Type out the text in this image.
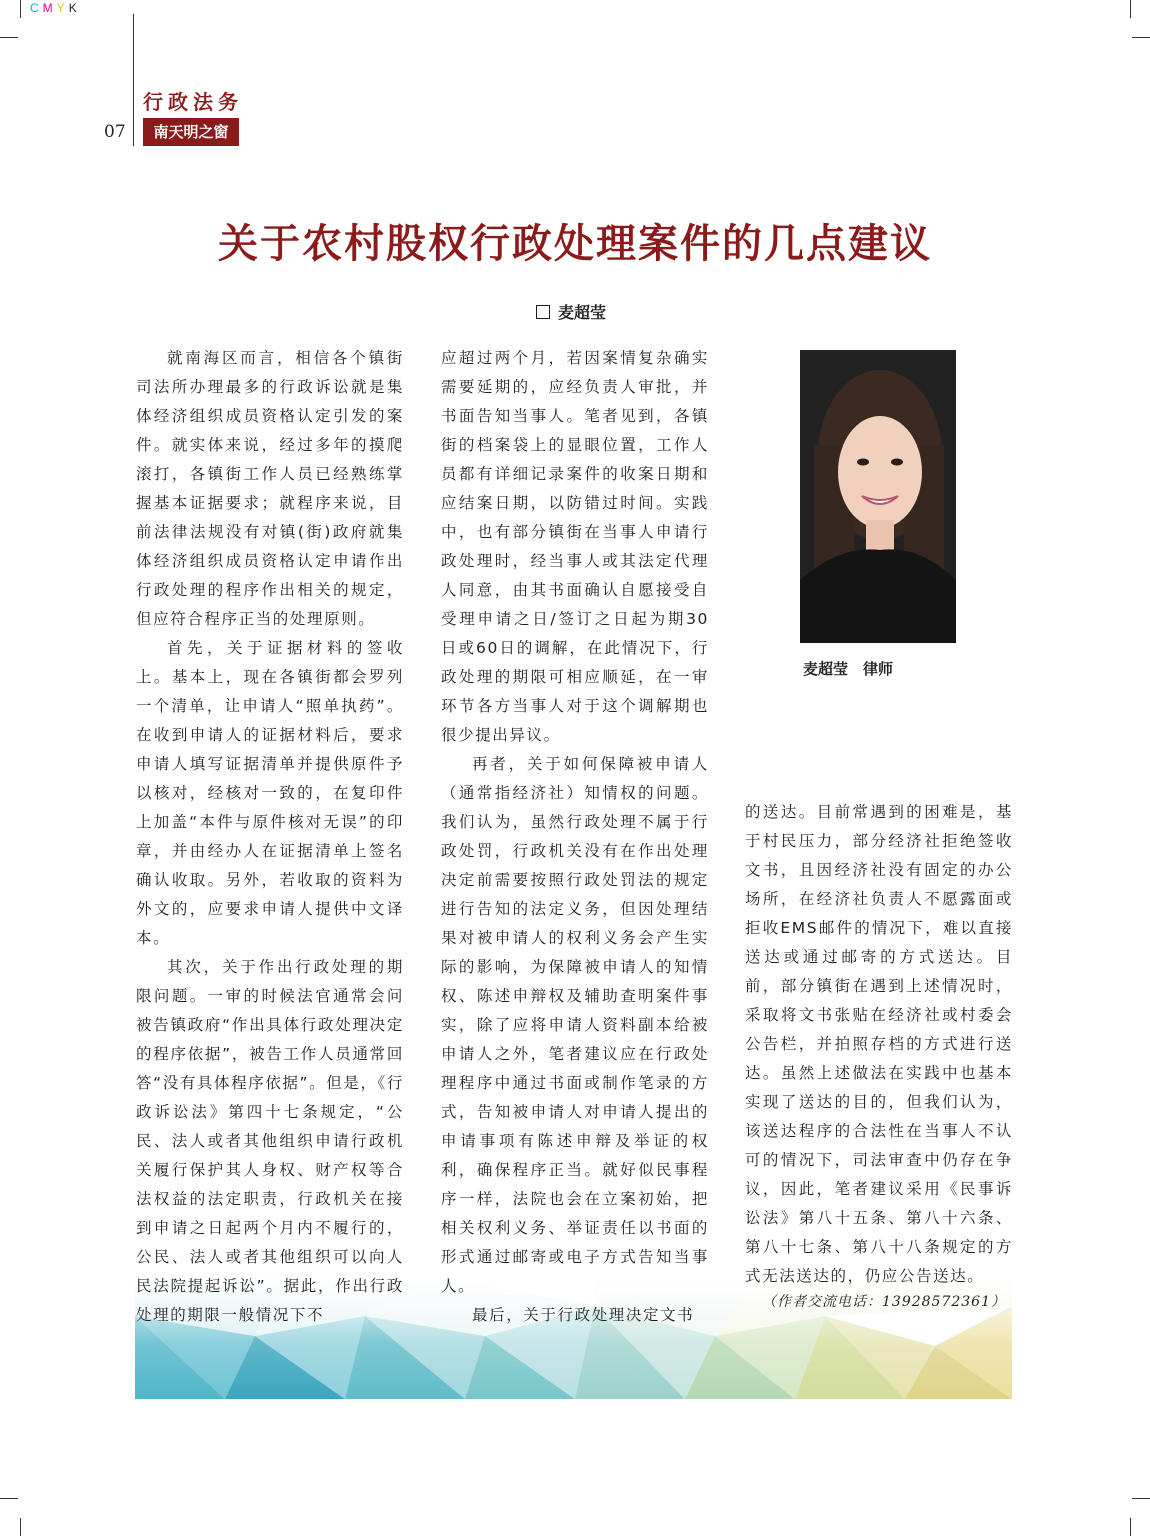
CMYK
行政法务
07	南天明之窗
关于农村股权行政处理案件的几点建议
麦超莹

就南海区而言，相信各个镇街司法所办理最多的行政诉讼就是集体经济组织成员资格认定引发的案件。就实体来说，经过多年的摸爬滚打，各镇街工作人员已经熟练掌握基本证据要求；就程序来说，目前法律法规没有对镇(街)政府就集体经济组织成员资格认定申请作出行政处理的程序作出相关的规定，但应符合程序正当的处理原则。

首先，关于证据材料的签收上。基本上，现在各镇街都会罗列一个清单，让申请人“照单执药”。在收到申请人的证据材料后，要求申请人填写证据清单并提供原件予以核对，经核对一致的，在复印件上加盖“本件与原件核对无误”的印章，并由经办人在证据清单上签名确认收取。另外，若收取的资料为外文的，应要求申请人提供中文译本。

其次，关于作出行政处理的期限问题。一审的时候法官通常会问被告镇政府“作出具体行政处理决定的程序依据”，被告工作人员通常回答“没有具体程序依据”。但是，《行政诉讼法》第四十七条规定，“公民、法人或者其他组织申请行政机关履行保护其人身权、财产权等合法权益的法定职责，行政机关在接到申请之日起两个月内不履行的，公民、法人或者其他组织可以向人民法院提起诉讼”。据此，作出行政处理的期限一般情况下不

应超过两个月，若因案情复杂确实需要延期的，应经负责人审批，并书面告知当事人。笔者见到，各镇街的档案袋上的显眼位置，工作人员都有详细记录案件的收案日期和应结案日期，以防错过时间。实践中，也有部分镇街在当事人申请行政处理时，经当事人或其法定代理人同意，由其书面确认自愿接受自受理申请之日/签订之日起为期30日或60日的调解，在此情况下，行政处理的期限可相应顺延，在一审环节各方当事人对于这个调解期也很少提出异议。

再者，关于如何保障被申请人（通常指经济社）知情权的问题。我们认为，虽然行政处理不属于行政处罚，行政机关没有在作出处理决定前需要按照行政处罚法的规定进行告知的法定义务，但因处理结果对被申请人的权利义务会产生实际的影响，为保障被申请人的知情权、陈述申辩权及辅助查明案件事实，除了应将申请人资料副本给被申请人之外，笔者建议应在行政处理程序中通过书面或制作笔录的方式，告知被申请人对申请人提出的申请事项有陈述申辩及举证的权利，确保程序正当。就好似民事程序一样，法院也会在立案初始，把相关权利义务、举证责任以书面的形式通过邮寄或电子方式告知当事人。

最后，关于行政处理决定文书

麦超莹　律师

的送达。目前常遇到的困难是，基于村民压力，部分经济社拒绝签收文书，且因经济社没有固定的办公场所，在经济社负责人不愿露面或拒收EMS邮件的情况下，难以直接送达或通过邮寄的方式送达。目前，部分镇街在遇到上述情况时，采取将文书张贴在经济社或村委会公告栏，并拍照存档的方式进行送达。虽然上述做法在实践中也基本实现了送达的目的，但我们认为，该送达程序的合法性在当事人不认可的情况下，司法审查中仍存在争议，因此，笔者建议采用《民事诉讼法》第八十五条、第八十六条、第八十七条、第八十八条规定的方式无法送达的，仍应公告送达。

（作者交流电话：13928572361）
